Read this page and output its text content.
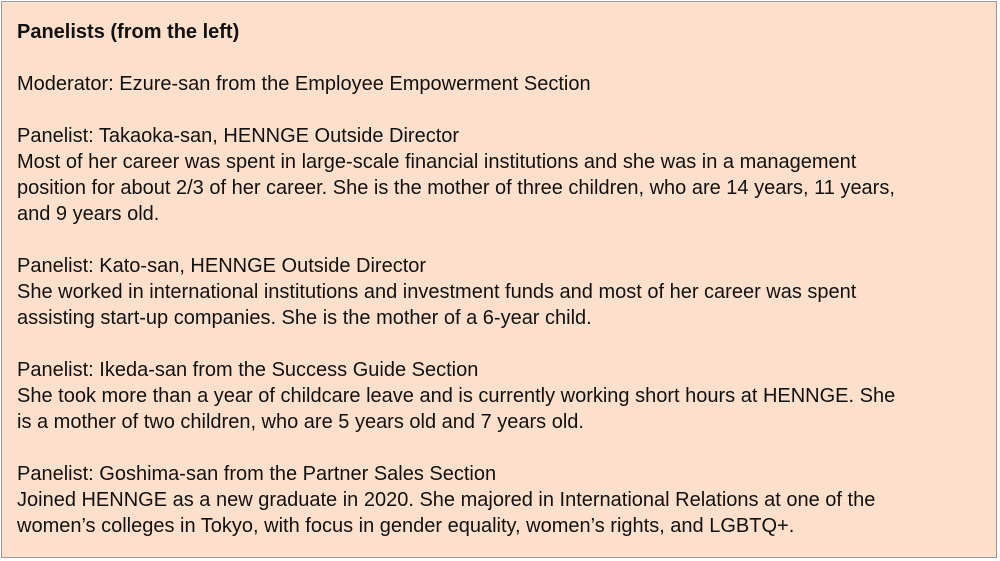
Panelists (from the left)

Moderator: Ezure-san from the Employee Empowerment Section

Panelist: Takaoka-san, HENNGE Outside Director

Most of her career was spent in large-scale financial institutions and she was in a management

position for about 2/3 of her career. She is the mother of three children, who are 14 years, 11 years,

and 9 years old.

Panelist: Kato-san, HENNGE Outside Director

She worked in international institutions and investment funds and most of her career was spent

assisting start-up companies. She is the mother of a 6-year child.

Panelist: Ikeda-san from the Success Guide Section

She took more than a year of childcare leave and is currently working short hours at HENNGE. She

is a mother of two children, who are 5 years old and 7 years old.

Panelist: Goshima-san from the Partner Sales Section

Joined HENNGE as a new graduate in 2020. She majored in International Relations at one of the

women’s colleges in Tokyo, with focus in gender equality, women’s rights, and LGBTQ+.
